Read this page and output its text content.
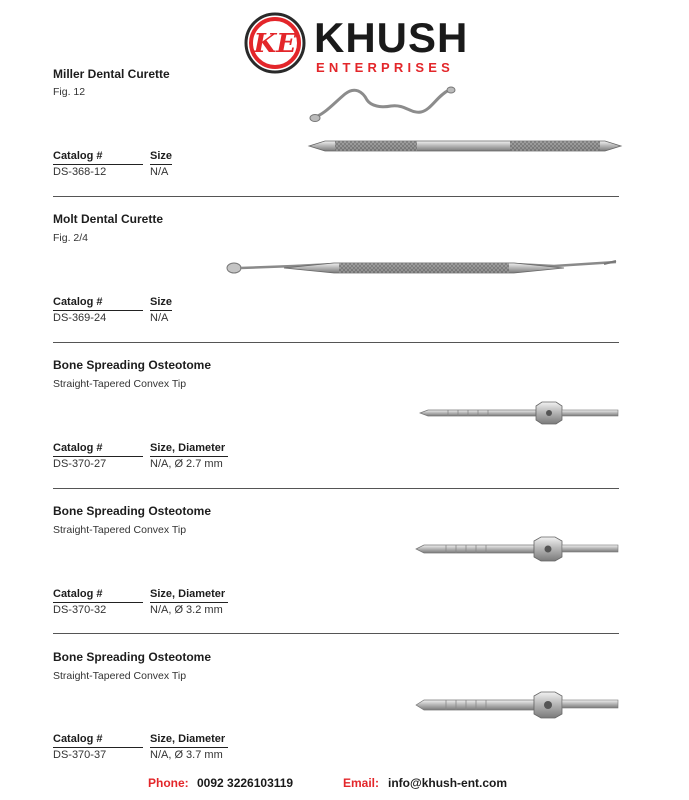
KE KHUSH
ENTERPRISES
Miller Dental Curette
Fig. 12
Catalog #	Size
DS-368-12	N/A
Molt Dental Curette
Fig. 2/4
Catalog #	Size
DS-369-24	N/A
Bone Spreading Osteotome
Straight-Tapered Convex Tip
Catalog #	Size, Diameter
DS-370-27	N/A, Ø 2.7 mm
Bone Spreading Osteotome
Straight-Tapered Convex Tip
Catalog #	Size, Diameter
DS-370-32	N/A, Ø 3.2 mm
Bone Spreading Osteotome
Straight-Tapered Convex Tip
Catalog #	Size, Diameter
DS-370-37	N/A, Ø 3.7 mm
Phone: 0092 3226103119	Email: info@khush-ent.com
